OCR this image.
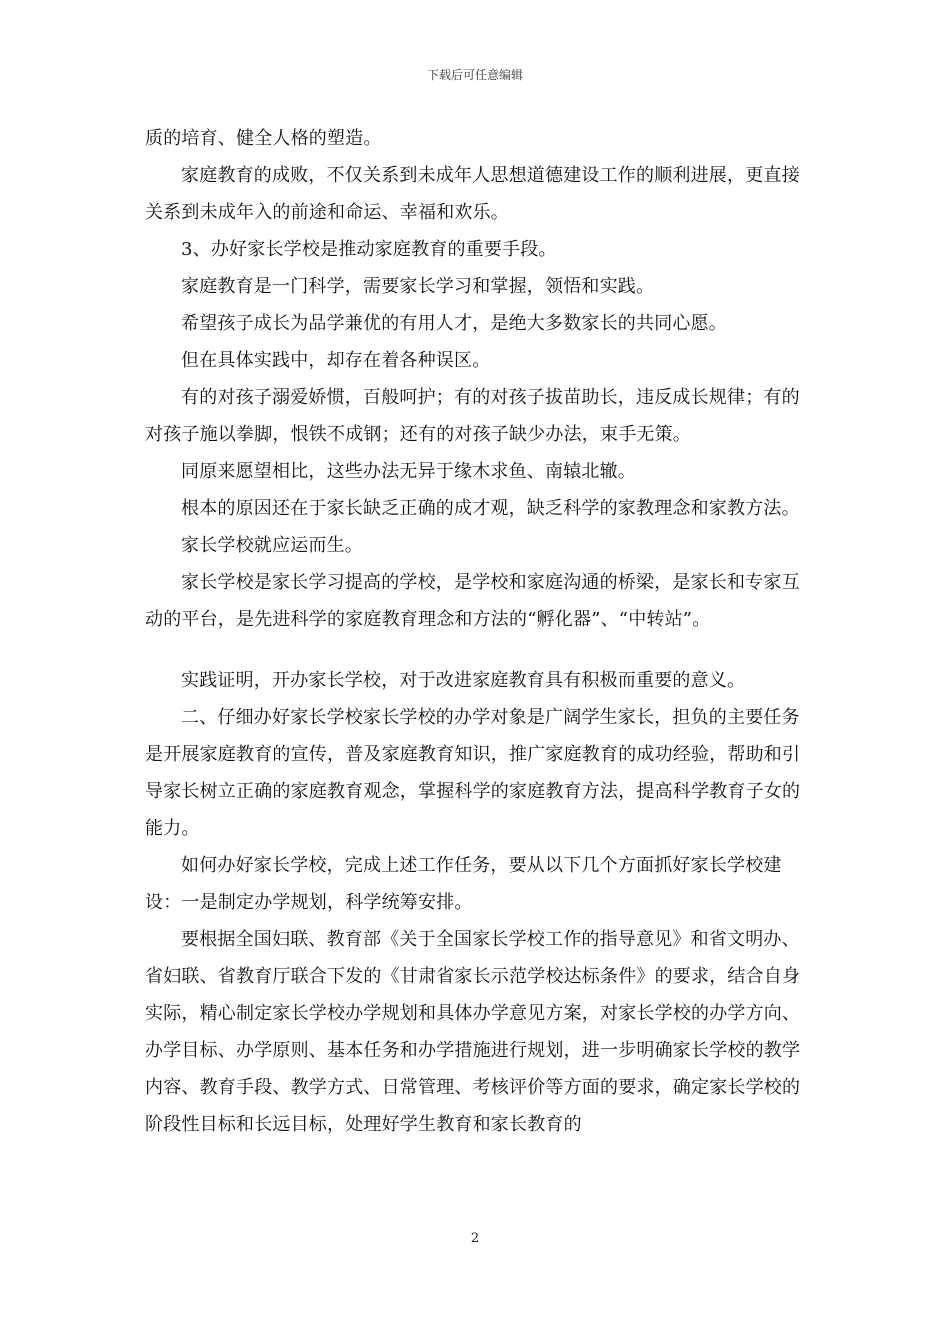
下载后可任意编辑

质的培育、健全人格的塑造。

家庭教育的成败，不仅关系到未成年人思想道德建设工作的顺利进展，更直接关系到未成年入的前途和命运、幸福和欢乐。

3、办好家长学校是推动家庭教育的重要手段。

家庭教育是一门科学，需要家长学习和掌握，领悟和实践。

希望孩子成长为品学兼优的有用人才，是绝大多数家长的共同心愿。

但在具体实践中，却存在着各种误区。

有的对孩子溺爱娇惯，百般呵护；有的对孩子拔苗助长，违反成长规律；有的对孩子施以拳脚，恨铁不成钢；还有的对孩子缺少办法，束手无策。

同原来愿望相比，这些办法无异于缘木求鱼、南辕北辙。

根本的原因还在于家长缺乏正确的成才观，缺乏科学的家教理念和家教方法。

家长学校就应运而生。

家长学校是家长学习提高的学校，是学校和家庭沟通的桥梁，是家长和专家互动的平台，是先进科学的家庭教育理念和方法的“孵化器”、“中转站”。

实践证明，开办家长学校，对于改进家庭教育具有积极而重要的意义。

二、仔细办好家长学校家长学校的办学对象是广阔学生家长，担负的主要任务是开展家庭教育的宣传，普及家庭教育知识，推广家庭教育的成功经验，帮助和引导家长树立正确的家庭教育观念，掌握科学的家庭教育方法，提高科学教育子女的能力。

如何办好家长学校，完成上述工作任务，要从以下几个方面抓好家长学校建设：一是制定办学规划，科学统筹安排。

要根据全国妇联、教育部《关于全国家长学校工作的指导意见》和省文明办、省妇联、省教育厅联合下发的《甘肃省家长示范学校达标条件》的要求，结合自身实际，精心制定家长学校办学规划和具体办学意见方案，对家长学校的办学方向、办学目标、办学原则、基本任务和办学措施进行规划，进一步明确家长学校的教学内容、教育手段、教学方式、日常管理、考核评价等方面的要求，确定家长学校的阶段性目标和长远目标，处理好学生教育和家长教育的

2
